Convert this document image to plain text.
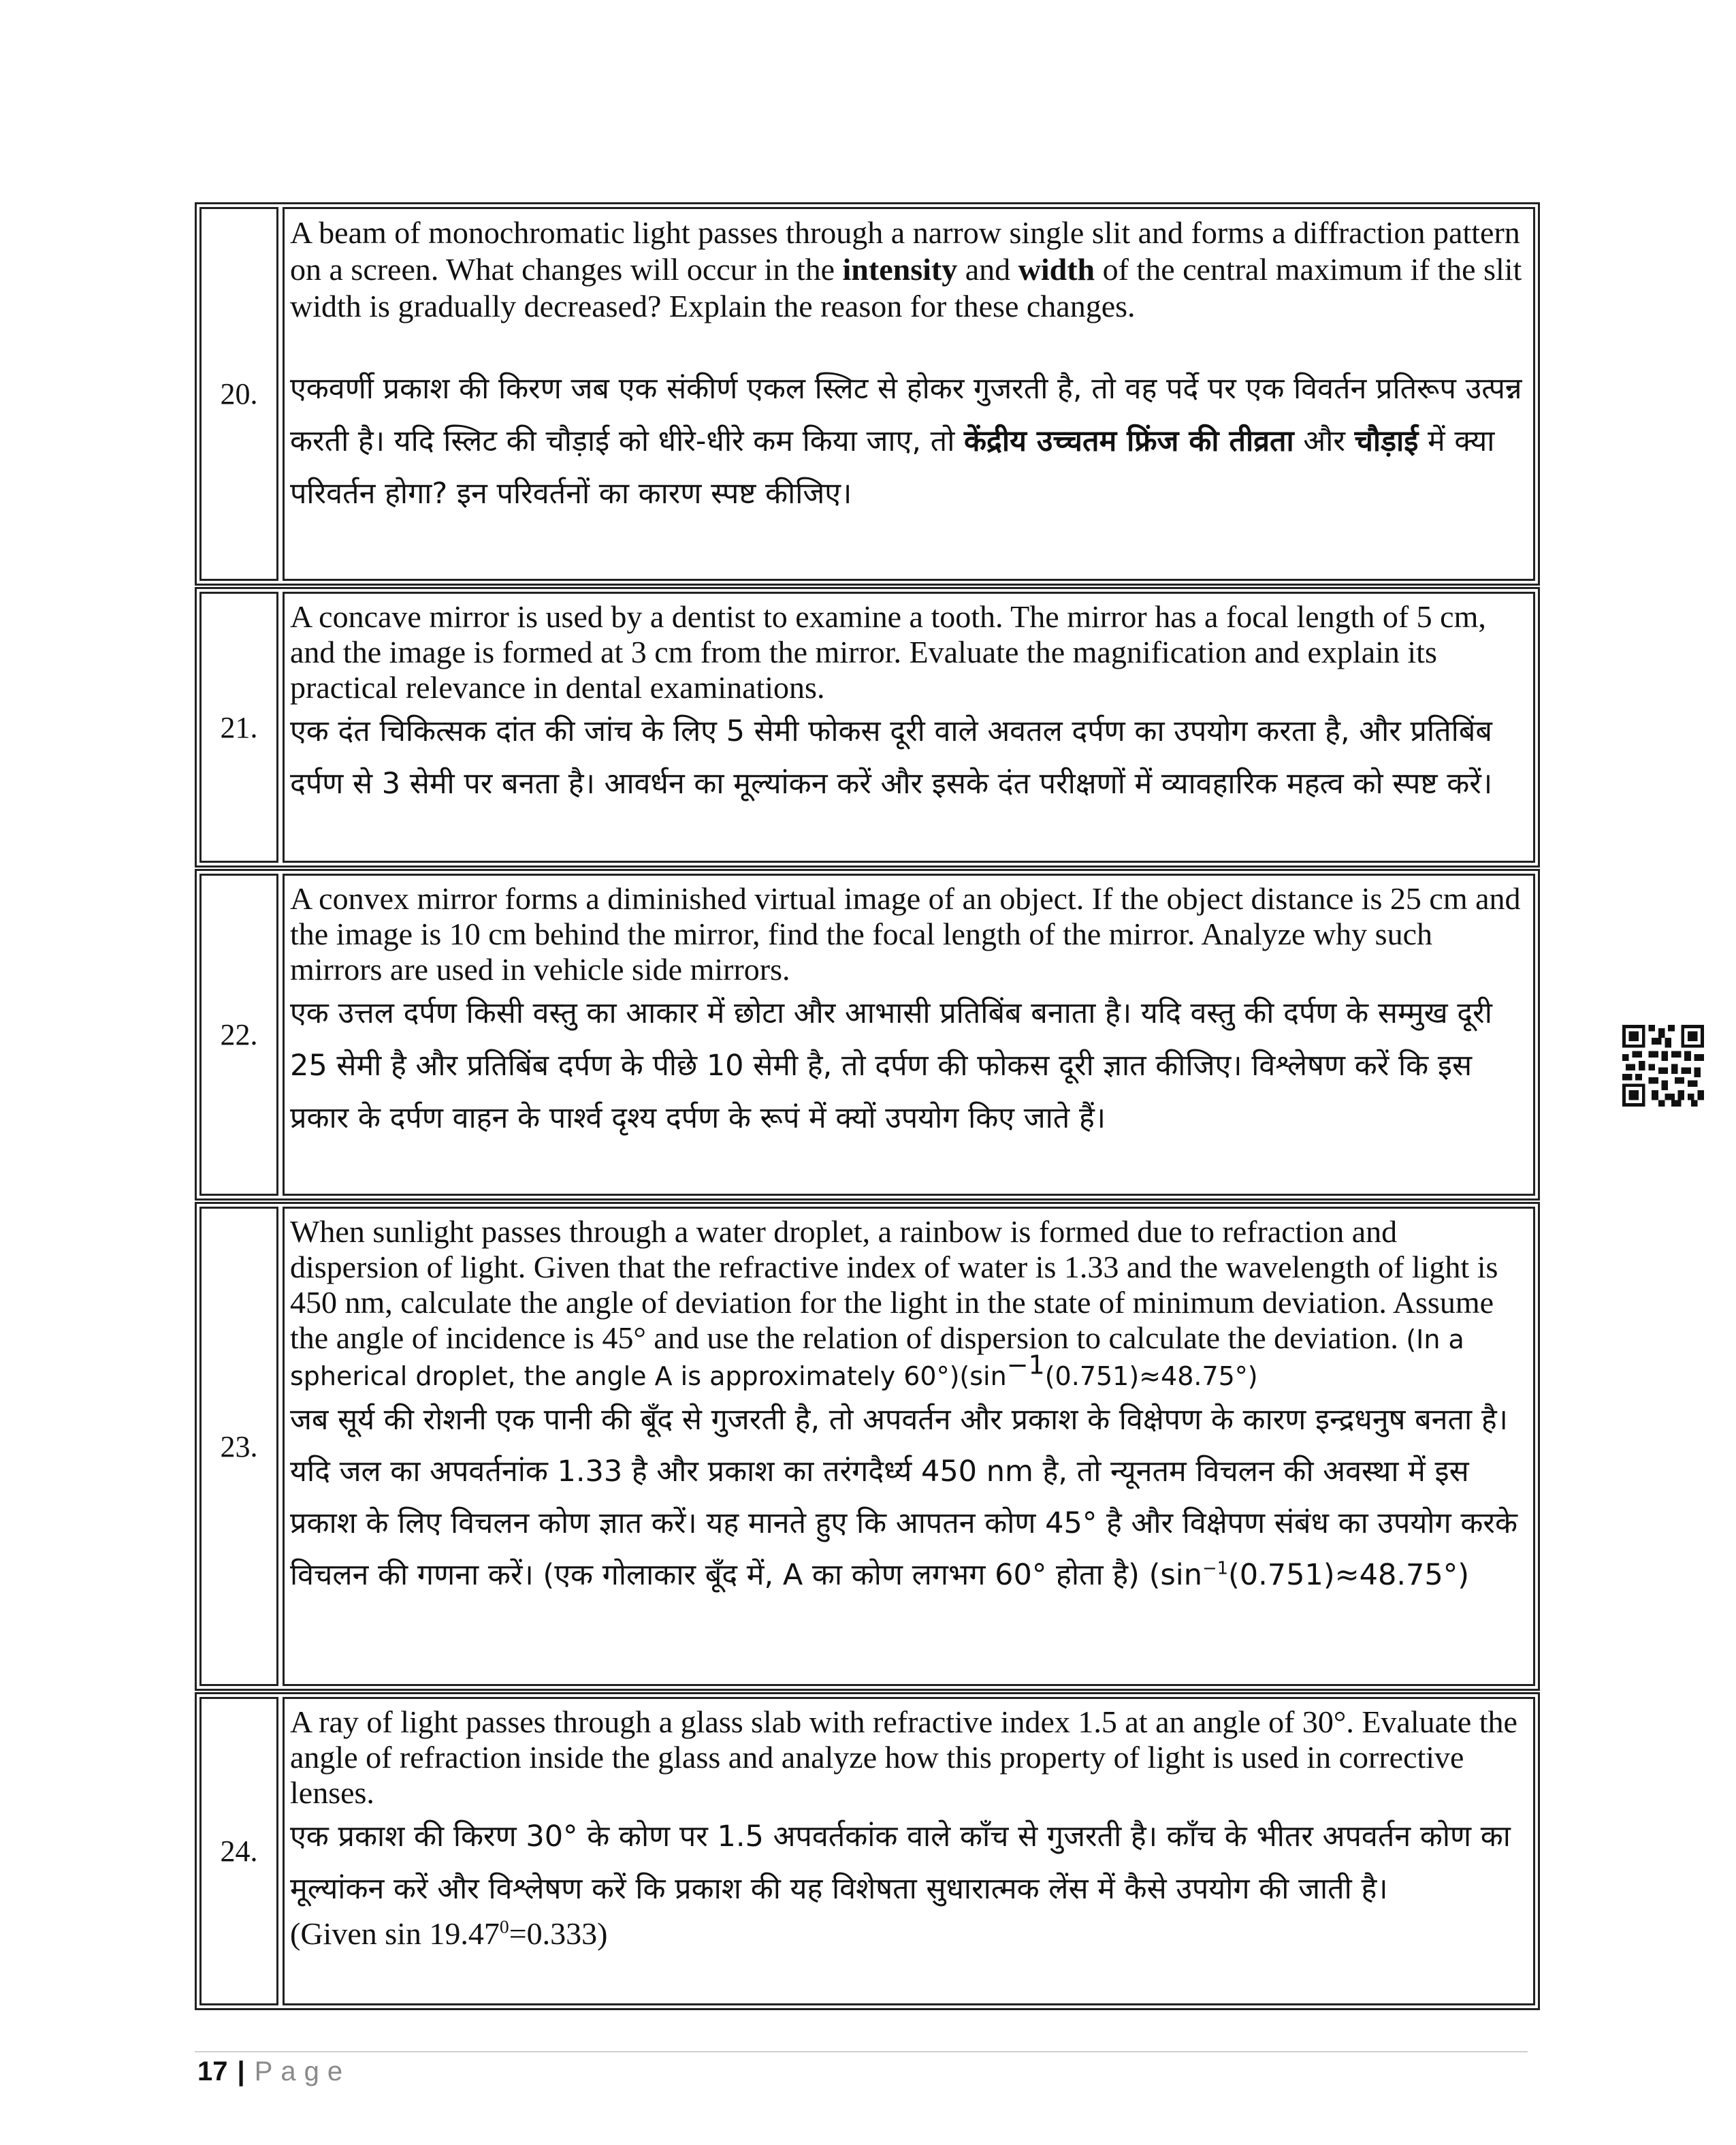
20.

A beam of monochromatic light passes through a narrow single slit and forms a diffraction pattern on a screen. What changes will occur in the intensity and width of the central maximum if the slit width is gradually decreased? Explain the reason for these changes.

एकवर्णी प्रकाश की किरण जब एक संकीर्ण एकल स्लिट से होकर गुजरती है, तो वह पर्दे पर एक विवर्तन प्रतिरूप उत्पन्न करती है। यदि स्लिट की चौड़ाई को धीरे-धीरे कम किया जाए, तो केंद्रीय उच्चतम फ्रिंज की तीव्रता और चौड़ाई में क्या परिवर्तन होगा? इन परिवर्तनों का कारण स्पष्ट कीजिए।

21.

A concave mirror is used by a dentist to examine a tooth. The mirror has a focal length of 5 cm, and the image is formed at 3 cm from the mirror. Evaluate the magnification and explain its practical relevance in dental examinations.

एक दंत चिकित्सक दांत की जांच के लिए 5 सेमी फोकस दूरी वाले अवतल दर्पण का उपयोग करता है, और प्रतिबिंब दर्पण से 3 सेमी पर बनता है। आवर्धन का मूल्यांकन करें और इसके दंत परीक्षणों में व्यावहारिक महत्व को स्पष्ट करें।

22.

A convex mirror forms a diminished virtual image of an object. If the object distance is 25 cm and the image is 10 cm behind the mirror, find the focal length of the mirror. Analyze why such mirrors are used in vehicle side mirrors.

एक उत्तल दर्पण किसी वस्तु का आकार में छोटा और आभासी प्रतिबिंब बनाता है। यदि वस्तु की दर्पण के सम्मुख दूरी 25 सेमी है और प्रतिबिंब दर्पण के पीछे 10 सेमी है, तो दर्पण की फोकस दूरी ज्ञात कीजिए। विश्लेषण करें कि इस प्रकार के दर्पण वाहन के पार्श्व दृश्य दर्पण के रूपं में क्यों उपयोग किए जाते हैं।

23.

When sunlight passes through a water droplet, a rainbow is formed due to refraction and dispersion of light. Given that the refractive index of water is 1.33 and the wavelength of light is 450 nm, calculate the angle of deviation for the light in the state of minimum deviation. Assume the angle of incidence is 45° and use the relation of dispersion to calculate the deviation. (In a spherical droplet, the angle A is approximately $60^\circ)(\sin^{-1}(0.751)\approx 48.75^\circ)$

जब सूर्य की रोशनी एक पानी की बूँद से गुजरती है, तो अपवर्तन और प्रकाश के विक्षेपण के कारण इन्द्रधनुष बनता है। यदि जल का अपवर्तनांक 1.33 है और प्रकाश का तरंगदैर्ध्य 450 nm है, तो न्यूनतम विचलन की अवस्था में इस प्रकाश के लिए विचलन कोण ज्ञात करें। यह मानते हुए कि आपतन कोण 45° है और विक्षेपण संबंध का उपयोग करके विचलन की गणना करें। (एक गोलाकार बूँद में, A का कोण लगभग 60° होता है) $(\sin^{-1}(0.751)\approx 48.75^\circ)$

24.

A ray of light passes through a glass slab with refractive index 1.5 at an angle of 30°. Evaluate the angle of refraction inside the glass and analyze how this property of light is used in corrective lenses.

एक प्रकाश की किरण 30° के कोण पर 1.5 अपवर्तकांक वाले काँच से गुजरती है। काँच के भीतर अपवर्तन कोण का मूल्यांकन करें और विश्लेषण करें कि प्रकाश की यह विशेषता सुधारात्मक लेंस में कैसे उपयोग की जाती है।

(Given $\sin 19.47^0=0.333$)

17 | Page
